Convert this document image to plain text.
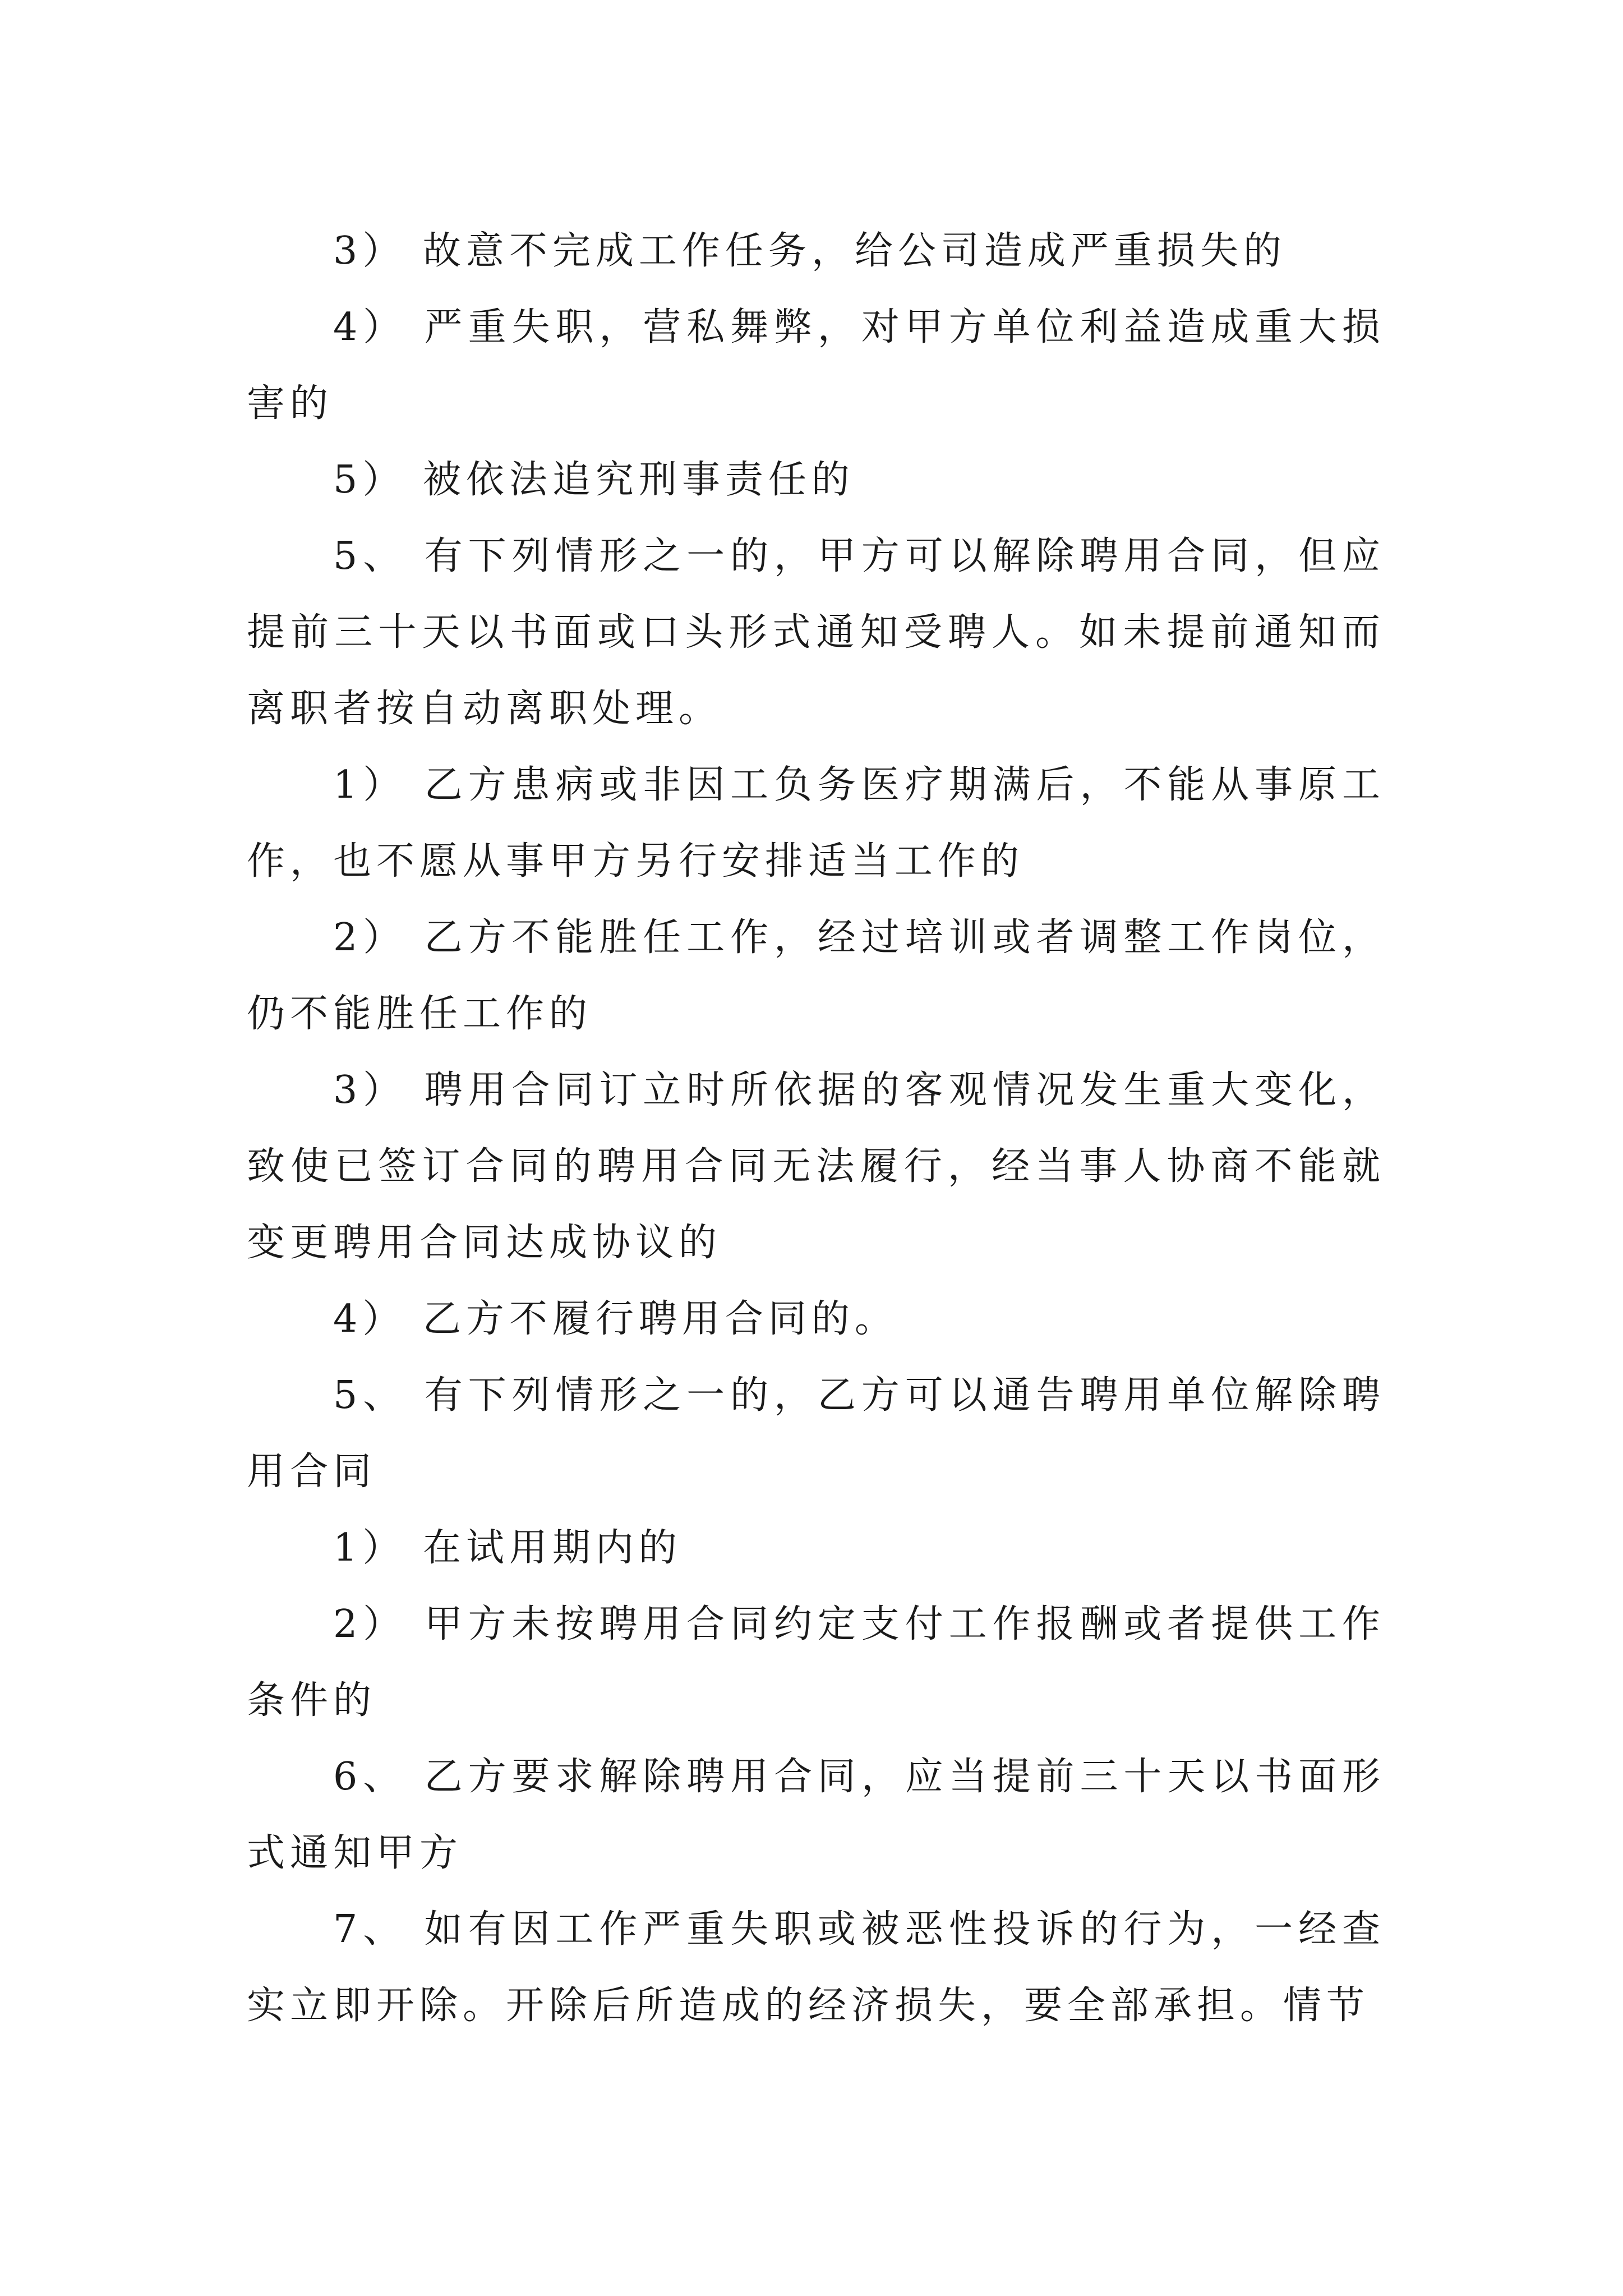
3） 故意不完成工作任务，给公司造成严重损失的

4） 严重失职，营私舞弊，对甲方单位利益造成重大损害的

5） 被依法追究刑事责任的

5、 有下列情形之一的，甲方可以解除聘用合同，但应提前三十天以书面或口头形式通知受聘人。如未提前通知而离职者按自动离职处理。

1） 乙方患病或非因工负务医疗期满后，不能从事原工作，也不愿从事甲方另行安排适当工作的

2） 乙方不能胜任工作，经过培训或者调整工作岗位，仍不能胜任工作的

3） 聘用合同订立时所依据的客观情况发生重大变化，致使已签订合同的聘用合同无法履行，经当事人协商不能就变更聘用合同达成协议的

4） 乙方不履行聘用合同的。

5、 有下列情形之一的，乙方可以通告聘用单位解除聘用合同

1） 在试用期内的

2） 甲方未按聘用合同约定支付工作报酬或者提供工作条件的

6、 乙方要求解除聘用合同，应当提前三十天以书面形式通知甲方

7、 如有因工作严重失职或被恶性投诉的行为，一经查实立即开除。开除后所造成的经济损失，要全部承担。情节
